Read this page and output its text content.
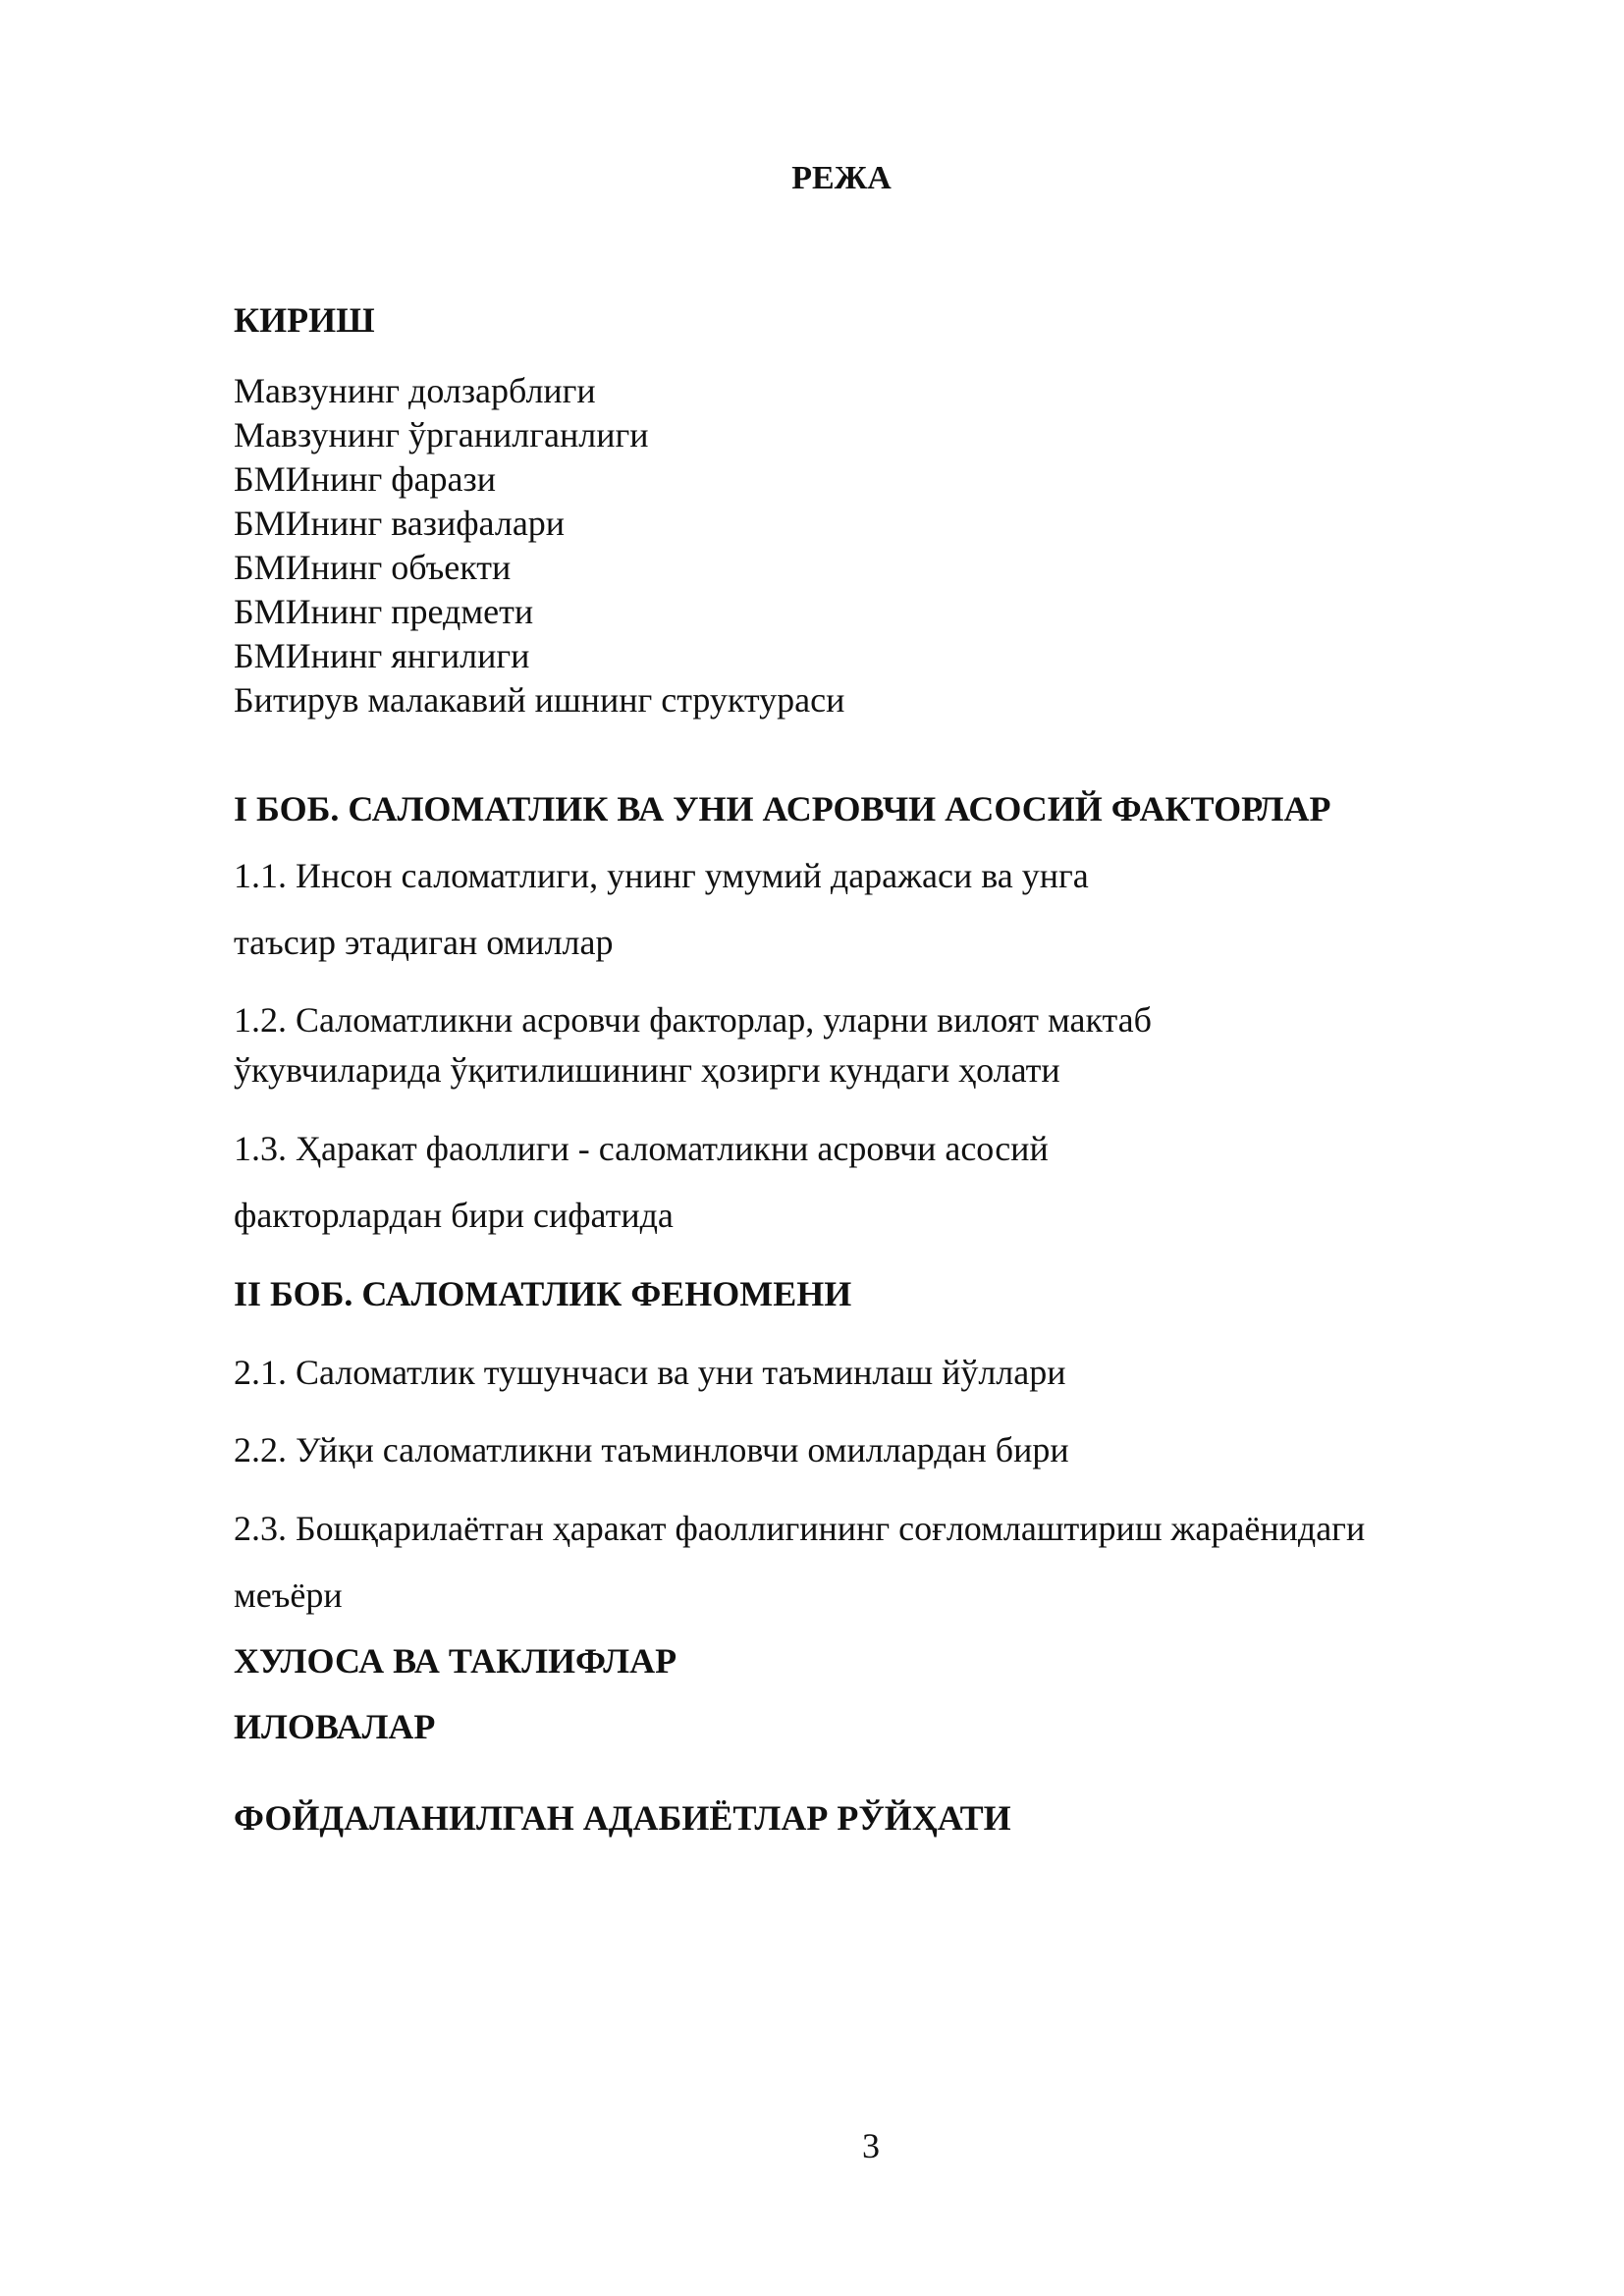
РЕЖА
КИРИШ
Мавзунинг долзарблиги
Мавзунинг ўрганилганлиги
БМИнинг фарази
БМИнинг вазифалари
БМИнинг объекти
БМИнинг предмети
БМИнинг янгилиги
Битирув малакавий ишнинг структураси
I БОБ. САЛОМАТЛИК ВА УНИ АСРОВЧИ АСОСИЙ ФАКТОРЛАР
1.1. Инсон саломатлиги, унинг умумий даражаси ва унга
таъсир этадиган омиллар
1.2. Саломатликни асровчи факторлар, уларни вилоят мактаб
ўкувчиларида ўқитилишининг ҳозирги кундаги ҳолати
1.3. Ҳаракат фаоллиги - саломатликни асровчи асосий
факторлардан бири сифатида
II БОБ. САЛОМАТЛИК ФЕНОМЕНИ
2.1. Саломатлик тушунчаси ва уни таъминлаш йўллари
2.2. Уйқи саломатликни таъминловчи омиллардан бири
2.3. Бошқарилаётган ҳаракат фаоллигининг соғломлаштириш жараёнидаги
меъёри
ХУЛОСА ВА ТАКЛИФЛАР
ИЛОВАЛАР
ФОЙДАЛАНИЛГАН АДАБИЁТЛАР РЎЙҲАТИ
3
